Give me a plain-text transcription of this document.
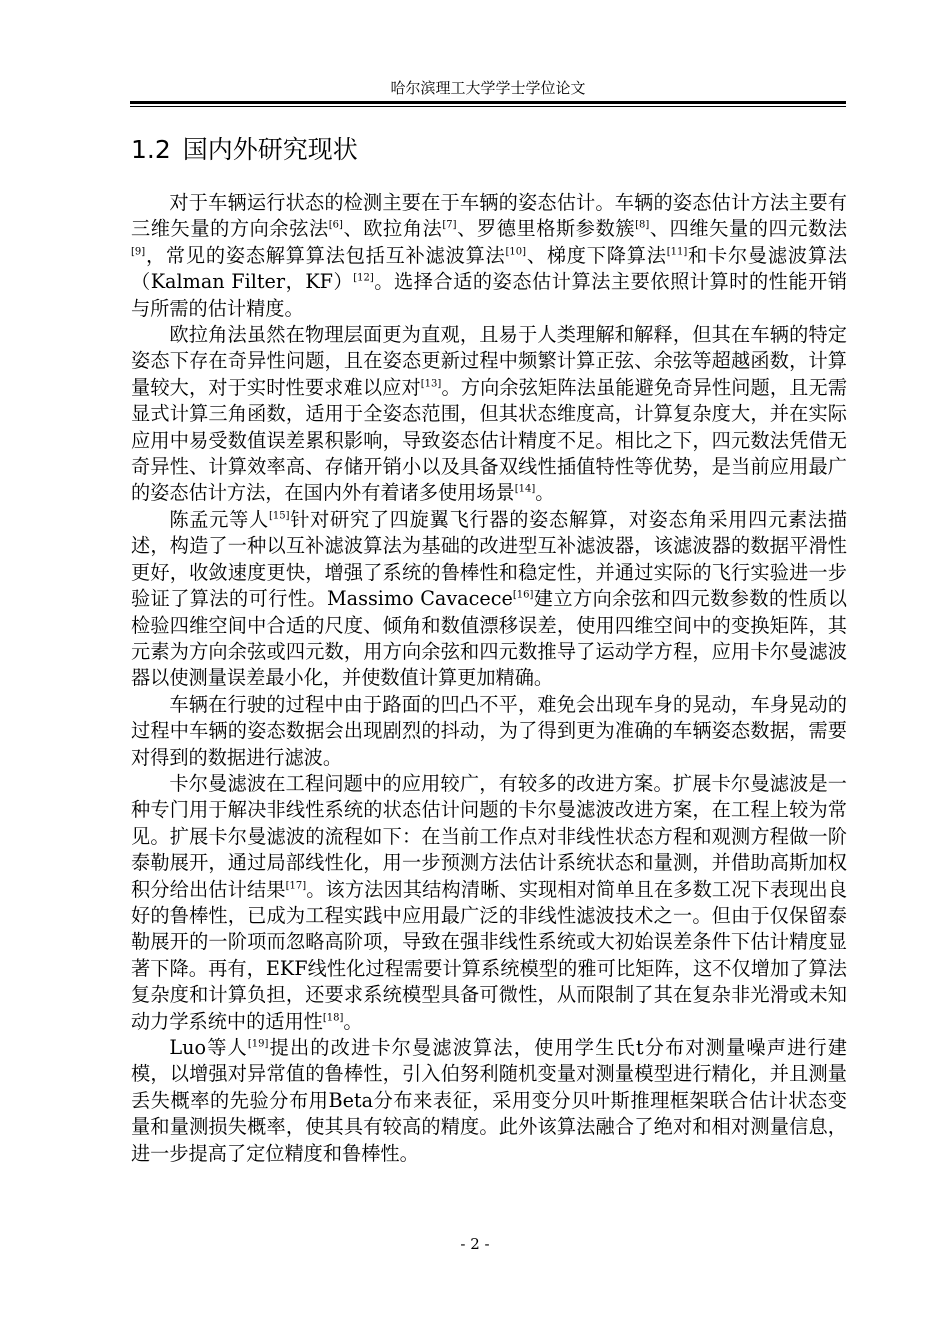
哈尔滨理工大学学士学位论文
1.2 国内外研究现状

对于车辆运行状态的检测主要在于车辆的姿态估计。车辆的姿态估计方法主要有三维矢量的方向余弦法[6]、欧拉角法[7]、罗德里格斯参数簇[8]、四维矢量的四元数法[9]，常见的姿态解算算法包括互补滤波算法[10]、梯度下降算法[11]和卡尔曼滤波算法（Kalman Filter，KF）[12]。选择合适的姿态估计算法主要依照计算时的性能开销与所需的估计精度。

欧拉角法虽然在物理层面更为直观，且易于人类理解和解释，但其在车辆的特定姿态下存在奇异性问题，且在姿态更新过程中频繁计算正弦、余弦等超越函数，计算量较大，对于实时性要求难以应对[13]。方向余弦矩阵法虽能避免奇异性问题，且无需显式计算三角函数，适用于全姿态范围，但其状态维度高，计算复杂度大，并在实际应用中易受数值误差累积影响，导致姿态估计精度不足。相比之下，四元数法凭借无奇异性、计算效率高、存储开销小以及具备双线性插值特性等优势，是当前应用最广的姿态估计方法，在国内外有着诸多使用场景[14]。

陈孟元等人[15]针对研究了四旋翼飞行器的姿态解算，对姿态角采用四元素法描述，构造了一种以互补滤波算法为基础的改进型互补滤波器，该滤波器的数据平滑性更好，收敛速度更快，增强了系统的鲁棒性和稳定性，并通过实际的飞行实验进一步验证了算法的可行性。Massimo Cavacece[16]建立方向余弦和四元数参数的性质以检验四维空间中合适的尺度、倾角和数值漂移误差，使用四维空间中的变换矩阵，其元素为方向余弦或四元数，用方向余弦和四元数推导了运动学方程，应用卡尔曼滤波器以使测量误差最小化，并使数值计算更加精确。

车辆在行驶的过程中由于路面的凹凸不平，难免会出现车身的晃动，车身晃动的过程中车辆的姿态数据会出现剧烈的抖动，为了得到更为准确的车辆姿态数据，需要对得到的数据进行滤波。

卡尔曼滤波在工程问题中的应用较广，有较多的改进方案。扩展卡尔曼滤波是一种专门用于解决非线性系统的状态估计问题的卡尔曼滤波改进方案，在工程上较为常见。扩展卡尔曼滤波的流程如下：在当前工作点对非线性状态方程和观测方程做一阶泰勒展开，通过局部线性化，用一步预测方法估计系统状态和量测，并借助高斯加权积分给出估计结果[17]。该方法因其结构清晰、实现相对简单且在多数工况下表现出良好的鲁棒性，已成为工程实践中应用最广泛的非线性滤波技术之一。但由于仅保留泰勒展开的一阶项而忽略高阶项，导致在强非线性系统或大初始误差条件下估计精度显著下降。再有，EKF线性化过程需要计算系统模型的雅可比矩阵，这不仅增加了算法复杂度和计算负担，还要求系统模型具备可微性，从而限制了其在复杂非光滑或未知动力学系统中的适用性[18]。

Luo等人[19]提出的改进卡尔曼滤波算法，使用学生氏t分布对测量噪声进行建模，以增强对异常值的鲁棒性，引入伯努利随机变量对测量模型进行精化，并且测量丢失概率的先验分布用Beta分布来表征，采用变分贝叶斯推理框架联合估计状态变量和量测损失概率，使其具有较高的精度。此外该算法融合了绝对和相对测量信息，进一步提高了定位精度和鲁棒性。

- 2 -
